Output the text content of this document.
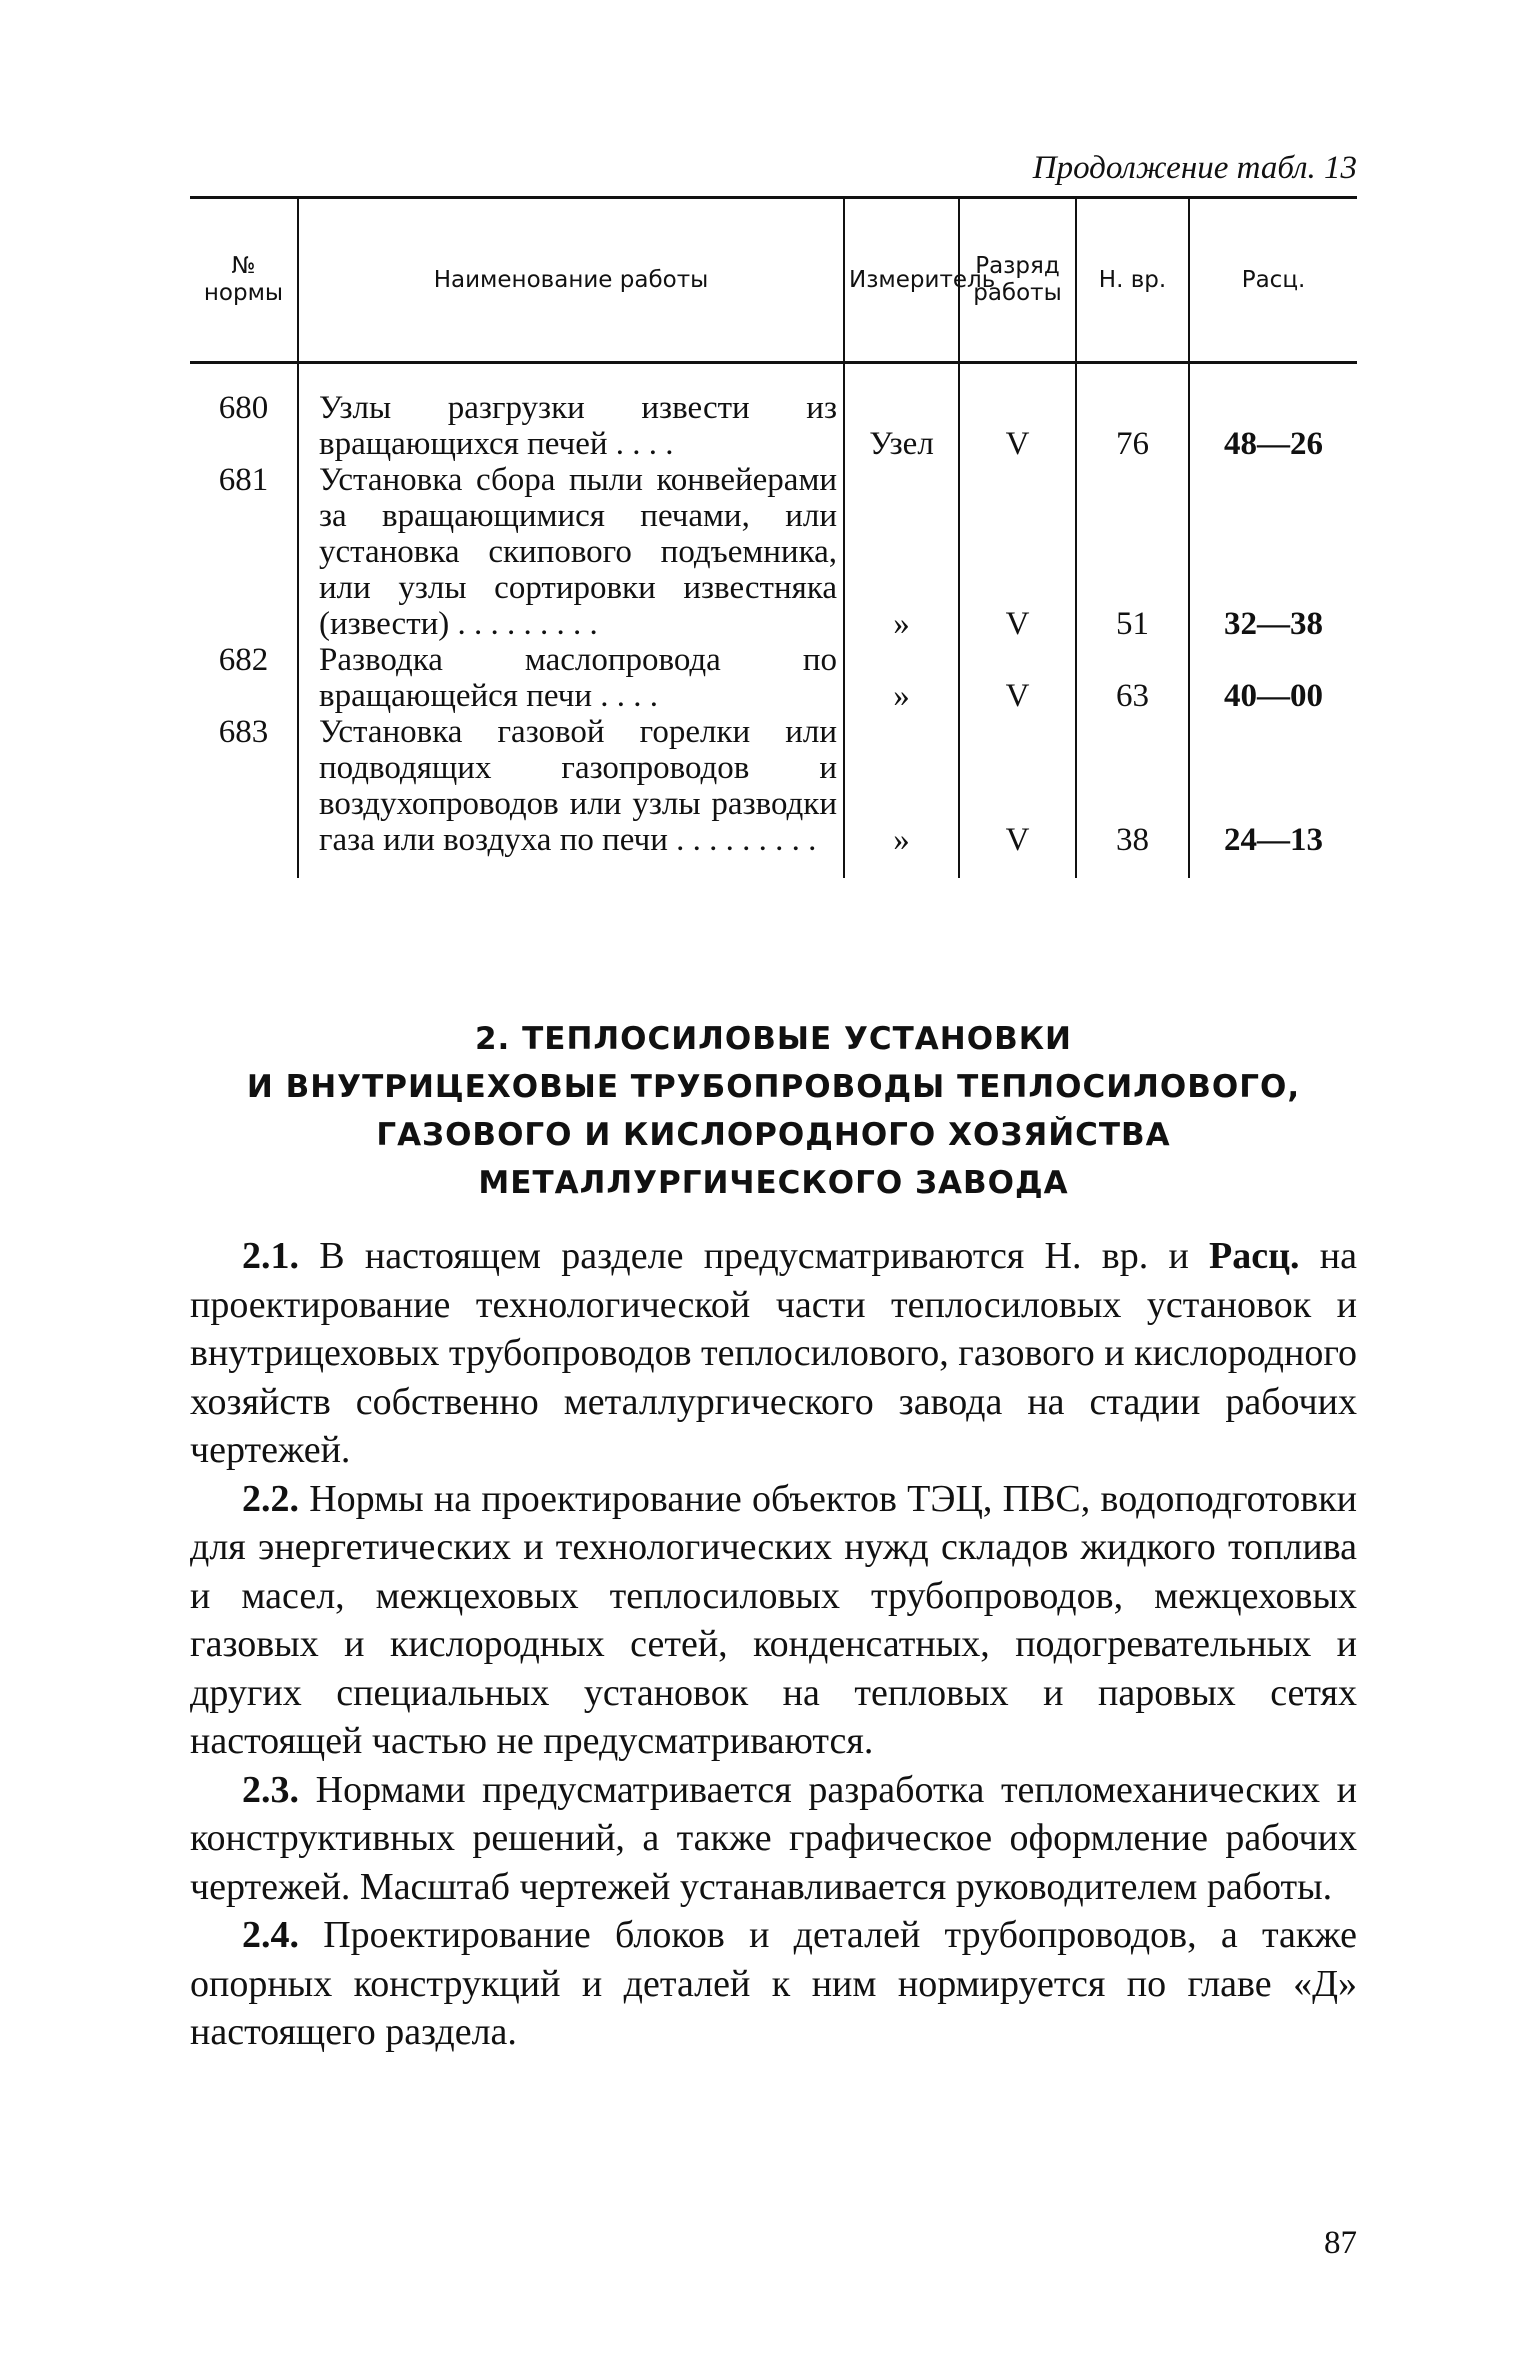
Продолжение табл. 13
№ нормы	Наименование работы	Измеритель	Разряд работы	Н. вр.	Расц.
680	Узлы разгрузки извести из вращающихся печей . . . .	Узел	V	76	48—26
681	Установка сбора пыли конвейерами за вращающимися печами, или установка скипового подъемника, или узлы сортировки известняка (извести) . . . . . . . . .	»	V	51	32—38
682	Разводка маслопровода по вращающейся печи . . . .	»	V	63	40—00
683	Установка газовой горелки или подводящих газопроводов и воздухопроводов или узлы разводки газа или воздуха по печи . . . . . . . . .	»	V	38	24—13
2. ТЕПЛОСИЛОВЫЕ УСТАНОВКИ
И ВНУТРИЦЕХОВЫЕ ТРУБОПРОВОДЫ ТЕПЛОСИЛОВОГО,
ГАЗОВОГО И КИСЛОРОДНОГО ХОЗЯЙСТВА
МЕТАЛЛУРГИЧЕСКОГО ЗАВОДА

2.1. В настоящем разделе предусматриваются Н. вр. и Расц. на проектирование технологической части теплосиловых установок и внутрицеховых трубопроводов теплосилового, газового и кислородного хозяйств собственно металлургического завода на стадии рабочих чертежей.

2.2. Нормы на проектирование объектов ТЭЦ, ПВС, водоподготовки для энергетических и технологических нужд складов жидкого топлива и масел, межцеховых теплосиловых трубопроводов, межцеховых газовых и кислородных сетей, конденсатных, подогревательных и других специальных установок на тепловых и паровых сетях настоящей частью не предусматриваются.

2.3. Нормами предусматривается разработка тепломеханических и конструктивных решений, а также графическое оформление рабочих чертежей. Масштаб чертежей устанавливается руководителем работы.

2.4. Проектирование блоков и деталей трубопроводов, а также опорных конструкций и деталей к ним нормируется по главе «Д» настоящего раздела.

87
